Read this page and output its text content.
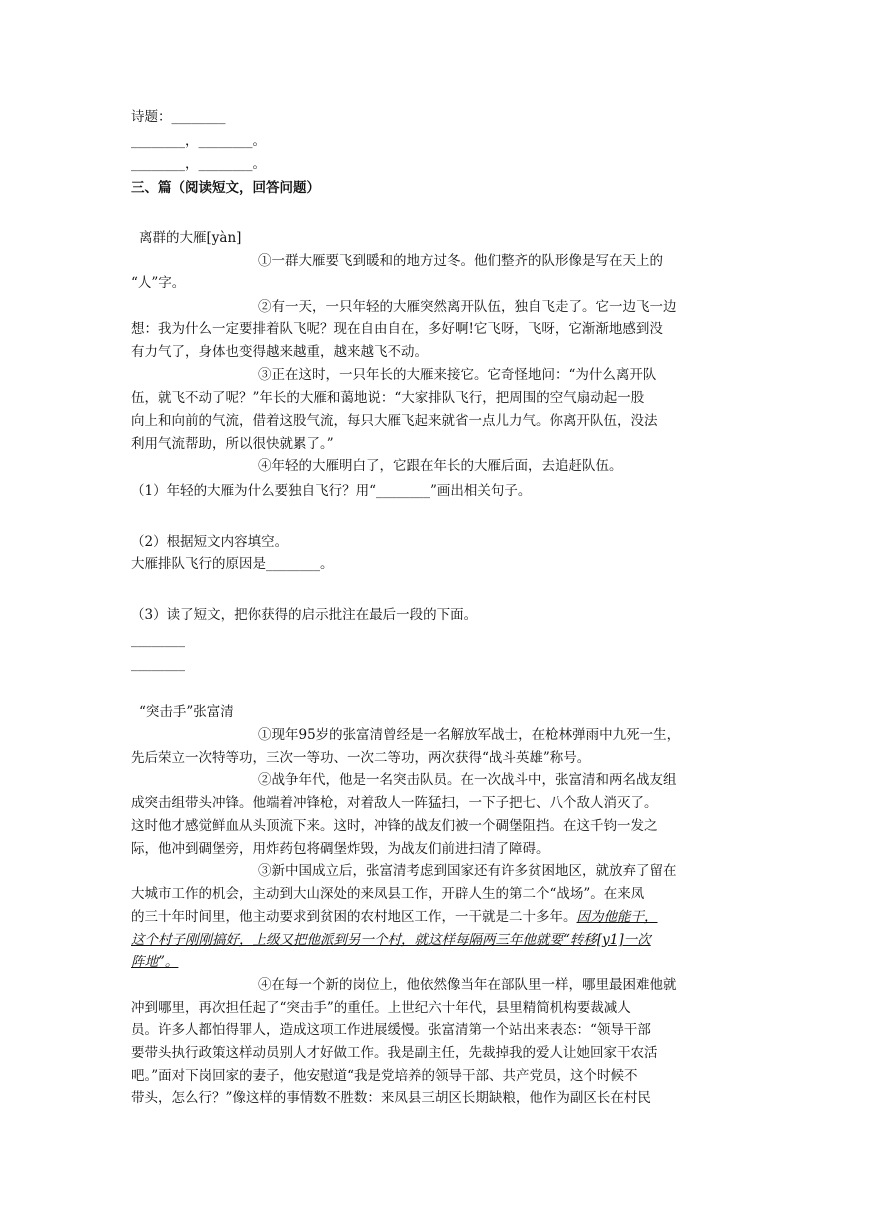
诗题：________
________，________。
________，________。
三、篇（阅读短文，回答问题）
离群的大雁[yàn]
①一群大雁要飞到暖和的地方过冬。他们整齐的队形像是写在天上的
“人”字。
②有一天，一只年轻的大雁突然离开队伍，独自飞走了。它一边飞一边
想：我为什么一定要排着队飞呢？现在自由自在，多好啊!它飞呀，飞呀，它渐渐地感到没
有力气了，身体也变得越来越重，越来越飞不动。
③正在这时，一只年长的大雁来接它。它奇怪地问：“为什么离开队
伍，就飞不动了呢？”年长的大雁和蔼地说：“大家排队飞行，把周围的空气扇动起一股
向上和向前的气流，借着这股气流，每只大雁飞起来就省一点儿力气。你离开队伍，没法
利用气流帮助，所以很快就累了。”
④年轻的大雁明白了，它跟在年长的大雁后面，去追赶队伍。
（1）年轻的大雁为什么要独自飞行？用“________”画出相关句子。
（2）根据短文内容填空。
大雁排队飞行的原因是________。
（3）读了短文，把你获得的启示批注在最后一段的下面。
________
________
“突击手”张富清
①现年95岁的张富清曾经是一名解放军战士，在枪林弹雨中九死一生，
先后荣立一次特等功，三次一等功、一次二等功，两次获得“战斗英雄”称号。
②战争年代，他是一名突击队员。在一次战斗中，张富清和两名战友组
成突击组带头冲锋。他端着冲锋枪，对着敌人一阵猛扫，一下子把七、八个敌人消灭了。
这时他才感觉鲜血从头顶流下来。这时，冲锋的战友们被一个碉堡阻挡。在这千钧一发之
际，他冲到碉堡旁，用炸药包将碉堡炸毁，为战友们前进扫清了障碍。
③新中国成立后，张富清考虑到国家还有许多贫困地区，就放弃了留在
大城市工作的机会，主动到大山深处的来凤县工作，开辟人生的第二个“战场”。在来凤
的三十年时间里，他主动要求到贫困的农村地区工作，一干就是二十多年。因为他能干，
这个村子刚刚搞好，上级又把他派到另一个村，就这样每隔两三年他就要“转移[y1]一次
阵地”。
④在每一个新的岗位上，他依然像当年在部队里一样，哪里最困难他就
冲到哪里，再次担任起了“突击手”的重任。上世纪六十年代，县里精简机构要裁减人
员。许多人都怕得罪人，造成这项工作进展缓慢。张富清第一个站出来表态：“领导干部
要带头执行政策这样动员别人才好做工作。我是副主任，先裁掉我的爱人让她回家干农活
吧。”面对下岗回家的妻子，他安慰道“我是党培养的领导干部、共产党员，这个时候不
带头，怎么行？”像这样的事情数不胜数：来凤县三胡区长期缺粮，他作为副区长在村民
